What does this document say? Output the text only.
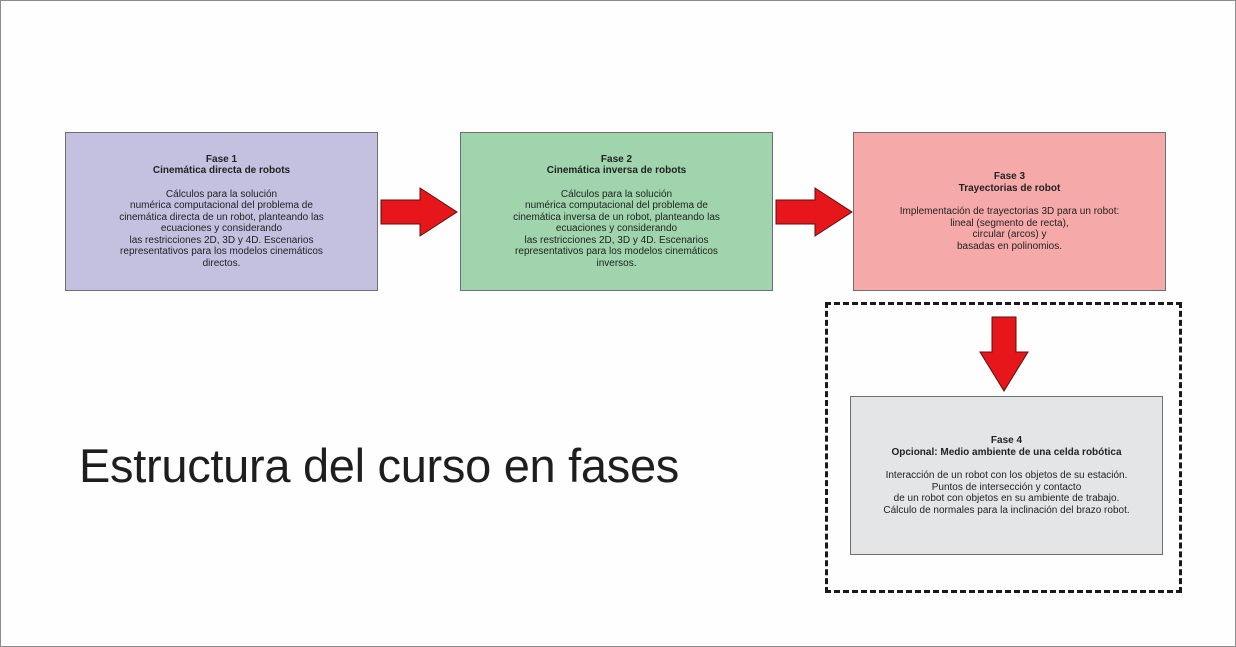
Fase 1
Cinemática directa de robots
Cálculos para la solución
numérica computacional del problema de
cinemática directa de un robot, planteando las
ecuaciones y considerando
las restricciones 2D, 3D y 4D. Escenarios
representativos para los modelos cinemáticos
directos.
Fase 2
Cinemática inversa de robots
Cálculos para la solución
numérica computacional del problema de
cinemática inversa de un robot, planteando las
ecuaciones y considerando
las restricciones 2D, 3D y 4D. Escenarios
representativos para los modelos cinemáticos
inversos.
Fase 3
Trayectorias de robot
Implementación de trayectorias 3D para un robot:
lineal (segmento de recta),
circular (arcos) y
basadas en polinomios.
Fase 4
Opcional: Medio ambiente de una celda robótica
Interacción de un robot con los objetos de su estación.
Puntos de intersección y contacto
de un robot con objetos en su ambiente de trabajo.
Cálculo de normales para la inclinación del brazo robot.
Estructura del curso en fases
